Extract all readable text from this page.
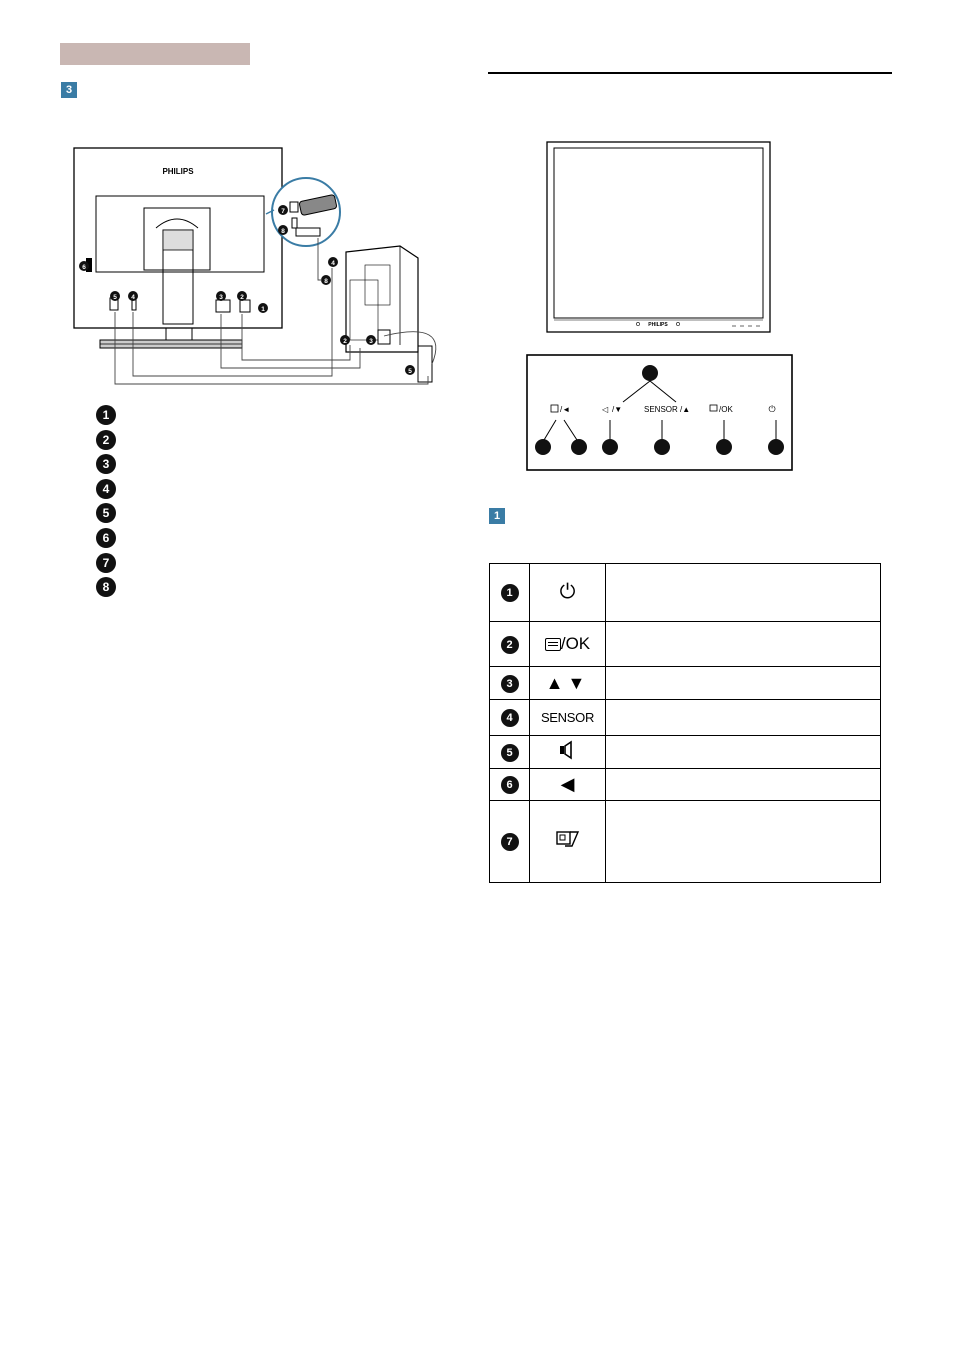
3
PHILIPS
6
5 4	3	2
1
7
8
4
8
2	3
5
1
2
3
4
5
6
7
8
PHILIPS
/◄	◁ /▼	SENSOR /▲	/OK	⏻
1
1	⏻	
2	/OK	
3	▲▼	
4	SENSOR	
5		
6	◀	
7		
